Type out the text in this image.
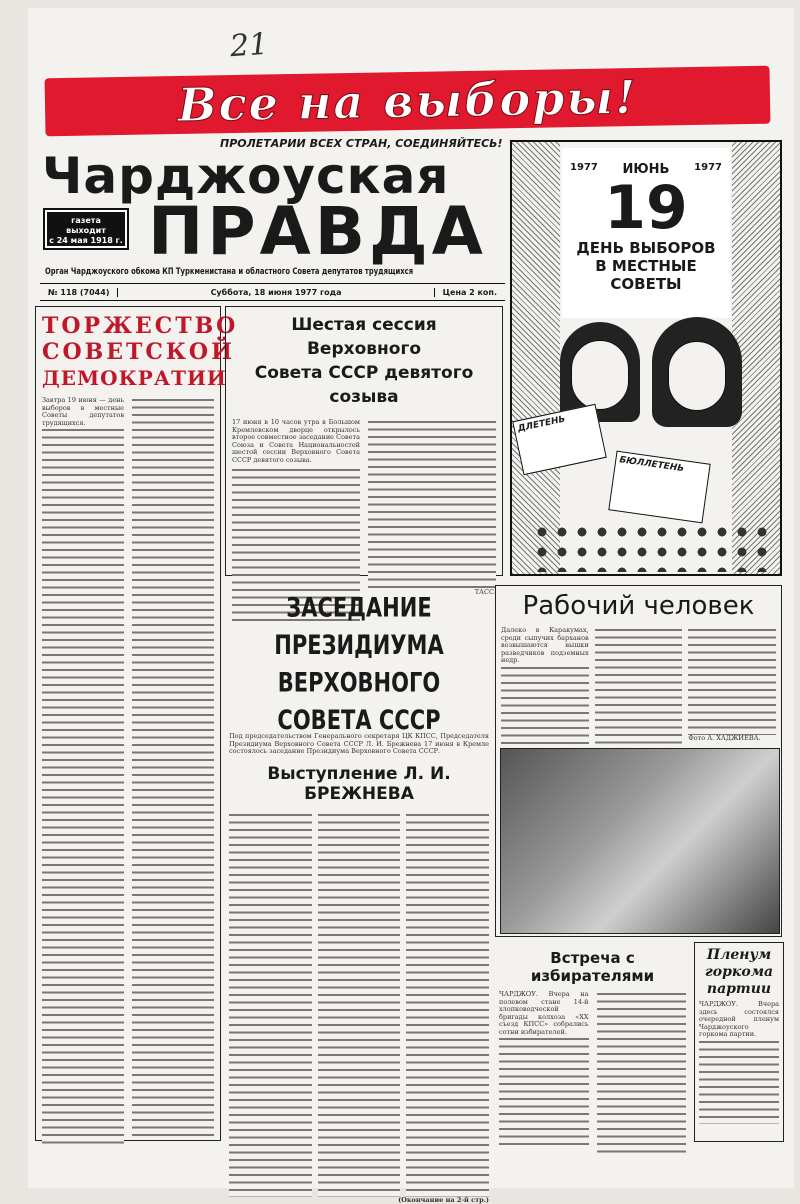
21
Все на выборы!
ПРОЛЕТАРИИ ВСЕХ СТРАН, СОЕДИНЯЙТЕСЬ!
Чарджоуская
ПРАВДА
газета
выходит
с 24 мая 1918 г.
Орган Чарджоуского обкома КП Туркменистана и областного Совета депутатов трудящихся
№ 118 (7044)	Суббота, 18 июня 1977 года	Цена 2 коп.
1977 ИЮНЬ 1977
19
ДЕНЬ ВЫБОРОВ
В МЕСТНЫЕ
СОВЕТЫ
ДЛЕТЕНЬ
БЮЛЛЕТЕНЬ
ТОРЖЕСТВО
СОВЕТСКОЙ
ДЕМОКРАТИИ
Завтра 19 июня — день выборов в местные Советы депутатов трудящихся.
Шестая сессия Верховного
Совета СССР девятого созыва
17 июня в 10 часов утра в Большом Кремлевском дворце открылось второе совместное заседание Совета Союза и Совета Национальностей шестой сессии Верховного Совета СССР девятого созыва.
ТАСС.
ЗАСЕДАНИЕ ПРЕЗИДИУМА
ВЕРХОВНОГО СОВЕТА СССР
Под председательством Генерального секретаря ЦК КПСС, Председателя Президиума Верховного Совета СССР Л. И. Брежнева 17 июня в Кремле состоялось заседание Президиума Верховного Совета СССР.
Выступление Л. И. БРЕЖНЕВА
(Окончание на 2-й стр.)
Рабочий человек
Далеко в Каракумах, среди сыпучих барханов возвышаются вышки разведчиков подземных недр.
Фото А. ХАДЖИЕВА.
Встреча с избирателями
ЧАРДЖОУ. Вчера на полевом стане 14-й хлопководческой бригады колхоза «XX съезд КПСС» собрались сотни избирателей.
Пленум
горкома
партии
ЧАРДЖОУ. Вчера здесь состоялся очередной пленум Чарджоуского горкома партии.
